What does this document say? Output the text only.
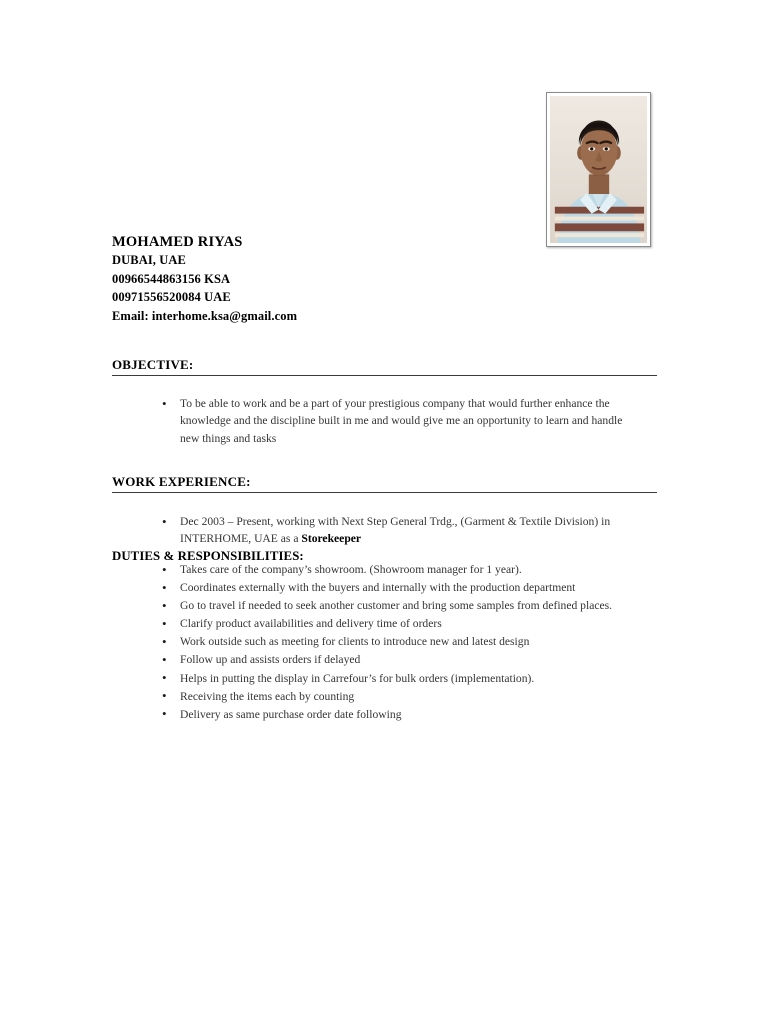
MOHAMED RIYAS
DUBAI, UAE
00966544863156 KSA
00971556520084 UAE
Email: interhome.ksa@gmail.com
OBJECTIVE:
• To be able to work and be a part of your prestigious company that would further enhance the knowledge and the discipline built in me and would give me an opportunity to learn and handle new things and tasks
WORK EXPERIENCE:
• Dec 2003 – Present, working with Next Step General Trdg., (Garment & Textile Division) in INTERHOME, UAE as a Storekeeper
DUTIES & RESPONSIBILITIES:
• Takes care of the company’s showroom. (Showroom manager for 1 year).
• Coordinates externally with the buyers and internally with the production department
• Go to travel if needed to seek another customer and bring some samples from defined places.
• Clarify product availabilities and delivery time of orders
• Work outside such as meeting for clients to introduce new and latest design
• Follow up and assists orders if delayed
• Helps in putting the display in Carrefour’s for bulk orders (implementation).
• Receiving the items each by counting
• Delivery as same purchase order date following
